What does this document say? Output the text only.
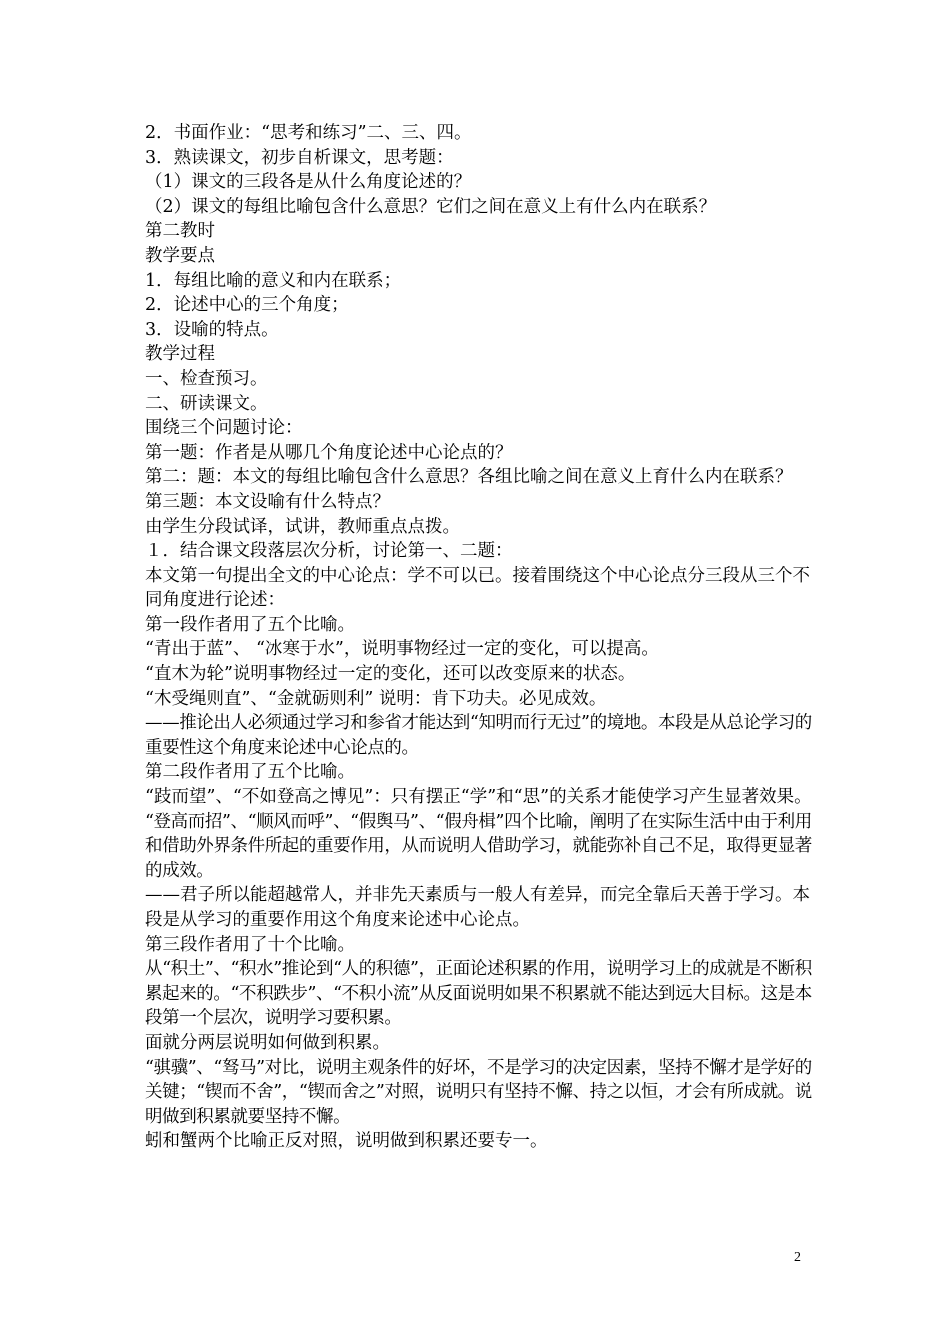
2．书面作业：“思考和练习”二、三、四。

3．熟读课文，初步自析课文，思考题：

（1）课文的三段各是从什么角度论述的？

（2）课文的每组比喻包含什么意思？它们之间在意义上有什么内在联系？

第二教时

教学要点

1．每组比喻的意义和内在联系；

2．论述中心的三个角度；

3．设喻的特点。

教学过程

一、检查预习。

二、研读课文。

围绕三个问题讨论：

第一题：作者是从哪几个角度论述中心论点的？

第二：题：本文的每组比喻包含什么意思？各组比喻之间在意义上育什么内在联系？

第三题：本文设喻有什么特点？

由学生分段试译，试讲，教师重点点拨。

１．结合课文段落层次分析，讨论第一、二题：

本文第一句提出全文的中心论点：学不可以已。接着围绕这个中心论点分三段从三个不同角度进行论述：

第一段作者用了五个比喻。

“青出于蓝”、 “冰寒于水”，说明事物经过一定的变化，可以提高。

“直木为轮”说明事物经过一定的变化，还可以改变原来的状态。

“木受绳则直”、“金就砺则利” 说明：肯下功夫。必见成效。

——推论出人必须通过学习和参省才能达到“知明而行无过”的境地。本段是从总论学习的重要性这个角度来论述中心论点的。

第二段作者用了五个比喻。

“跂而望”、“不如登高之博见”：只有摆正“学”和“思”的关系才能使学习产生显著效果。

“登高而招”、“顺风而呼”、“假舆马”、“假舟楫”四个比喻，阐明了在实际生活中由于利用和借助外界条件所起的重要作用，从而说明人借助学习，就能弥补自己不足，取得更显著的成效。

——君子所以能超越常人，并非先天素质与一般人有差异，而完全靠后天善于学习。本段是从学习的重要作用这个角度来论述中心论点。

第三段作者用了十个比喻。

从“积土”、“积水”推论到“人的积德”，正面论述积累的作用，说明学习上的成就是不断积累起来的。“不积跌步”、“不积小流”从反面说明如果不积累就不能达到远大目标。这是本段第一个层次，说明学习要积累。

面就分两层说明如何做到积累。

“骐骥”、“驽马”对比，说明主观条件的好坏，不是学习的决定因素，坚持不懈才是学好的关键；“锲而不舍”，“锲而舍之”对照，说明只有坚持不懈、持之以恒，才会有所成就。说明做到积累就要坚持不懈。

蚓和蟹两个比喻正反对照，说明做到积累还要专一。

2
